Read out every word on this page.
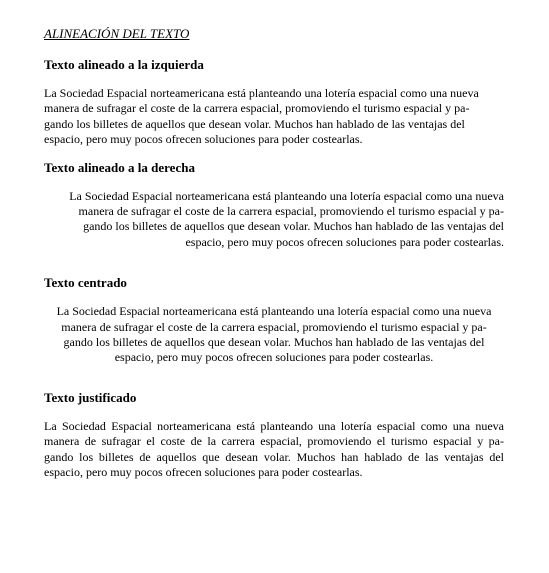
ALINEACIÓN DEL TEXTO
Texto alineado a la izquierda

La Sociedad Espacial norteamericana está planteando una lotería espacial como una nueva
manera de sufragar el coste de la carrera espacial, promoviendo el turismo espacial y pa-
gando los billetes de aquellos que desean volar. Muchos han hablado de las ventajas del
espacio, pero muy pocos ofrecen soluciones para poder costearlas.

Texto alineado a la derecha

La Sociedad Espacial norteamericana está planteando una lotería espacial como una nueva
manera de sufragar el coste de la carrera espacial, promoviendo el turismo espacial y pa-
gando los billetes de aquellos que desean volar. Muchos han hablado de las ventajas del
espacio, pero muy pocos ofrecen soluciones para poder costearlas.

Texto centrado

La Sociedad Espacial norteamericana está planteando una lotería espacial como una nueva
manera de sufragar el coste de la carrera espacial, promoviendo el turismo espacial y pa-
gando los billetes de aquellos que desean volar. Muchos han hablado de las ventajas del
espacio, pero muy pocos ofrecen soluciones para poder costearlas.

Texto justificado

La Sociedad Espacial norteamericana está planteando una lotería espacial como una nueva
manera de sufragar el coste de la carrera espacial, promoviendo el turismo espacial y pa-
gando los billetes de aquellos que desean volar. Muchos han hablado de las ventajas del
espacio, pero muy pocos ofrecen soluciones para poder costearlas.
